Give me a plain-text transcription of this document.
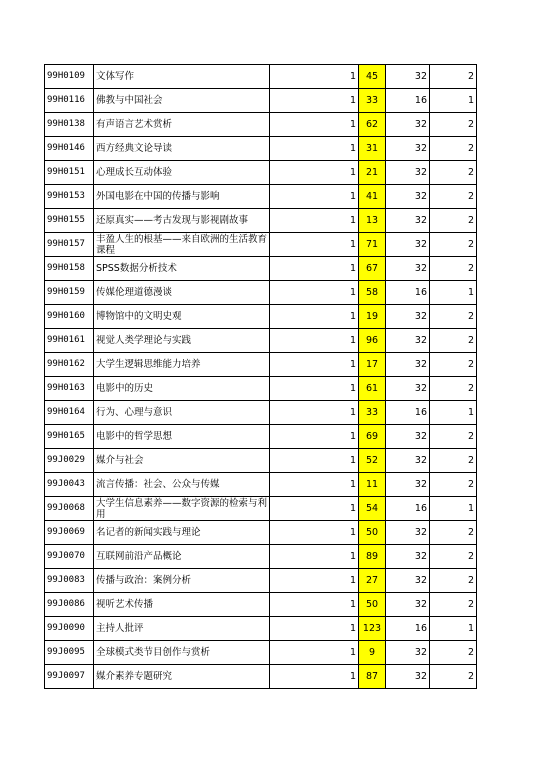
99H0109	文体写作	1	45	32	2
99H0116	佛教与中国社会	1	33	16	1
99H0138	有声语言艺术赏析	1	62	32	2
99H0146	西方经典文论导读	1	31	32	2
99H0151	心理成长互动体验	1	21	32	2
99H0153	外国电影在中国的传播与影响	1	41	32	2
99H0155	还原真实——考古发现与影视剧故事	1	13	32	2
99H0157	丰盈人生的根基——来自欧洲的生活教育课程	1	71	32	2
99H0158	SPSS数据分析技术	1	67	32	2
99H0159	传媒伦理道德漫谈	1	58	16	1
99H0160	博物馆中的文明史观	1	19	32	2
99H0161	视觉人类学理论与实践	1	96	32	2
99H0162	大学生逻辑思维能力培养	1	17	32	2
99H0163	电影中的历史	1	61	32	2
99H0164	行为、心理与意识	1	33	16	1
99H0165	电影中的哲学思想	1	69	32	2
99J0029	媒介与社会	1	52	32	2
99J0043	流言传播：社会、公众与传媒	1	11	32	2
99J0068	大学生信息素养——数字资源的检索与利用	1	54	16	1
99J0069	名记者的新闻实践与理论	1	50	32	2
99J0070	互联网前沿产品概论	1	89	32	2
99J0083	传播与政治：案例分析	1	27	32	2
99J0086	视听艺术传播	1	50	32	2
99J0090	主持人批评	1	123	16	1
99J0095	全球模式类节目创作与赏析	1	9	32	2
99J0097	媒介素养专题研究	1	87	32	2
